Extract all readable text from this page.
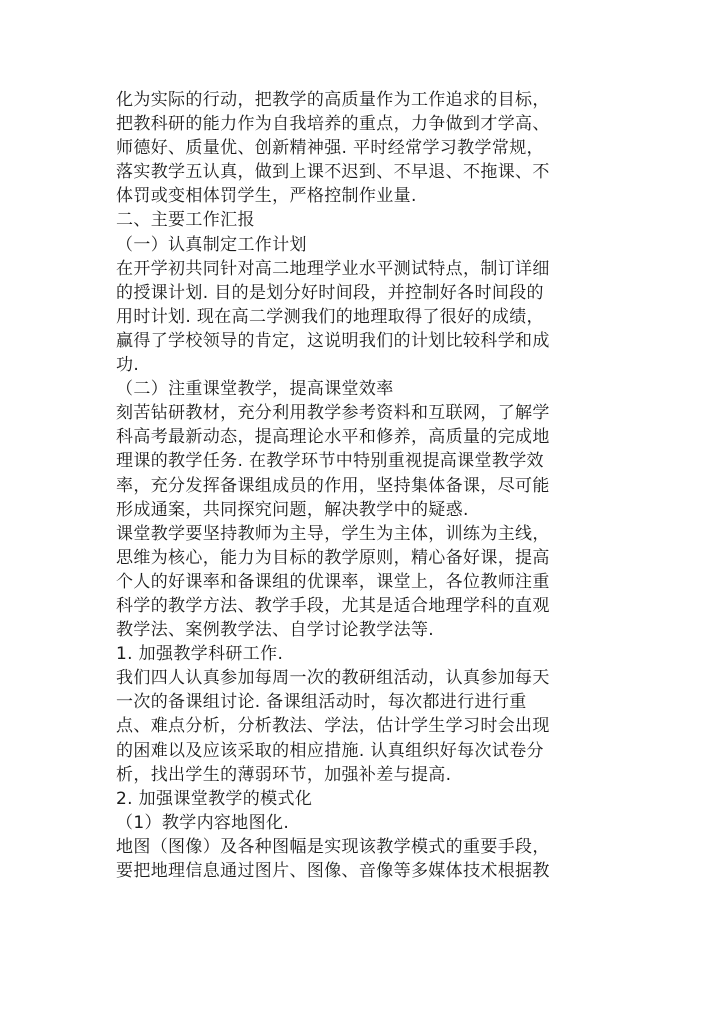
化为实际的行动，把教学的高质量作为工作追求的目标，
把教科研的能力作为自我培养的重点，力争做到才学高、
师德好、质量优、创新精神强. 平时经常学习教学常规，
落实教学五认真，做到上课不迟到、不早退、不拖课、不
体罚或变相体罚学生，严格控制作业量.
二、主要工作汇报
（一）认真制定工作计划
在开学初共同针对高二地理学业水平测试特点，制订详细
的授课计划. 目的是划分好时间段，并控制好各时间段的
用时计划. 现在高二学测我们的地理取得了很好的成绩，
赢得了学校领导的肯定，这说明我们的计划比较科学和成
功.
（二）注重课堂教学，提高课堂效率
刻苦钻研教材，充分利用教学参考资料和互联网，了解学
科高考最新动态，提高理论水平和修养，高质量的完成地
理课的教学任务. 在教学环节中特别重视提高课堂教学效
率，充分发挥备课组成员的作用，坚持集体备课，尽可能
形成通案，共同探究问题，解决教学中的疑惑.
课堂教学要坚持教师为主导，学生为主体，训练为主线，
思维为核心，能力为目标的教学原则，精心备好课，提高
个人的好课率和备课组的优课率，课堂上，各位教师注重
科学的教学方法、教学手段，尤其是适合地理学科的直观
教学法、案例教学法、自学讨论教学法等.
1. 加强教学科研工作.
我们四人认真参加每周一次的教研组活动，认真参加每天
一次的备课组讨论. 备课组活动时，每次都进行进行重
点、难点分析，分析教法、学法，估计学生学习时会出现
的困难以及应该采取的相应措施. 认真组织好每次试卷分
析，找出学生的薄弱环节，加强补差与提高.
2. 加强课堂教学的模式化
（1）教学内容地图化.
地图（图像）及各种图幅是实现该教学模式的重要手段，
要把地理信息通过图片、图像、音像等多媒体技术根据教
